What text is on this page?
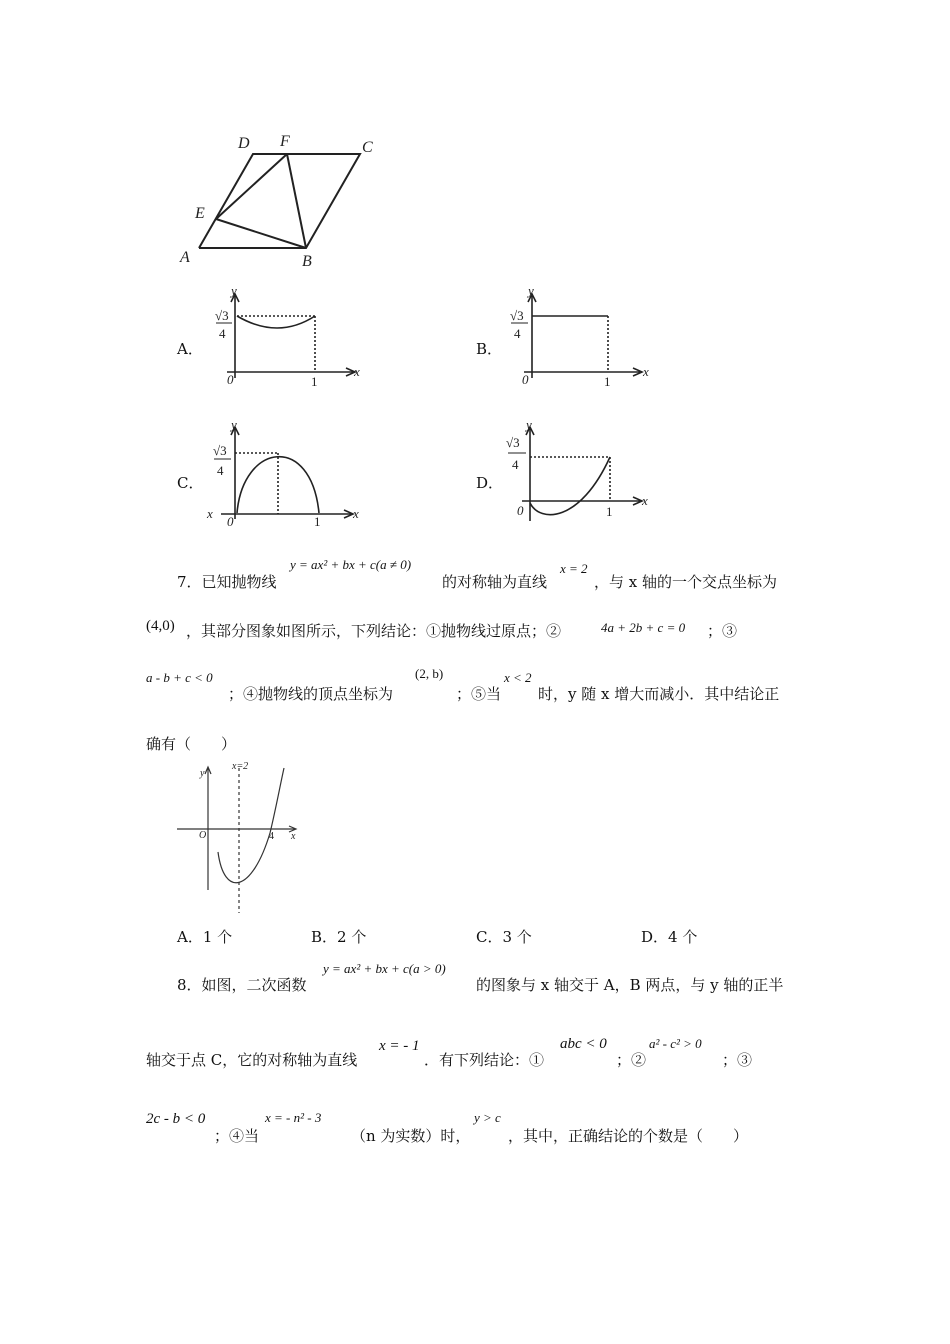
D F	C
E
A	B
A．
y
√3
4
0	1
x
B．
y
√3
4
0	1
x
C．
y
√3
4
x
0	1
x
D．
y
√3
4
0	1
x
7．已知抛物线
y = ax² + bx + c(a ≠ 0)
的对称轴为直线
x = 2
，与 x 轴的一个交点坐标为
(4,0) ，其部分图象如图所示，下列结论：①抛物线过原点；②	4a + 2b + c = 0 ；③
a - b + c < 0
；④抛物线的顶点坐标为
(2, b)
；⑤当
x < 2
时，y 随 x 增大而减小．其中结论正
确有（　　）
y
x=2
O	4 x
A．1 个	B．2 个	C．3 个	D．4 个
8．如图，二次函数
y = ax² + bx + c(a > 0)
的图象与 x 轴交于 A，B 两点，与 y 轴的正半
轴交于点 C，它的对称轴为直线
x = - 1
．有下列结论：①
abc < 0
；②
a² - c² > 0
；③
2c - b < 0
；④当
x = - n² - 3
（n 为实数）时，
y > c
，其中，正确结论的个数是（　　）
